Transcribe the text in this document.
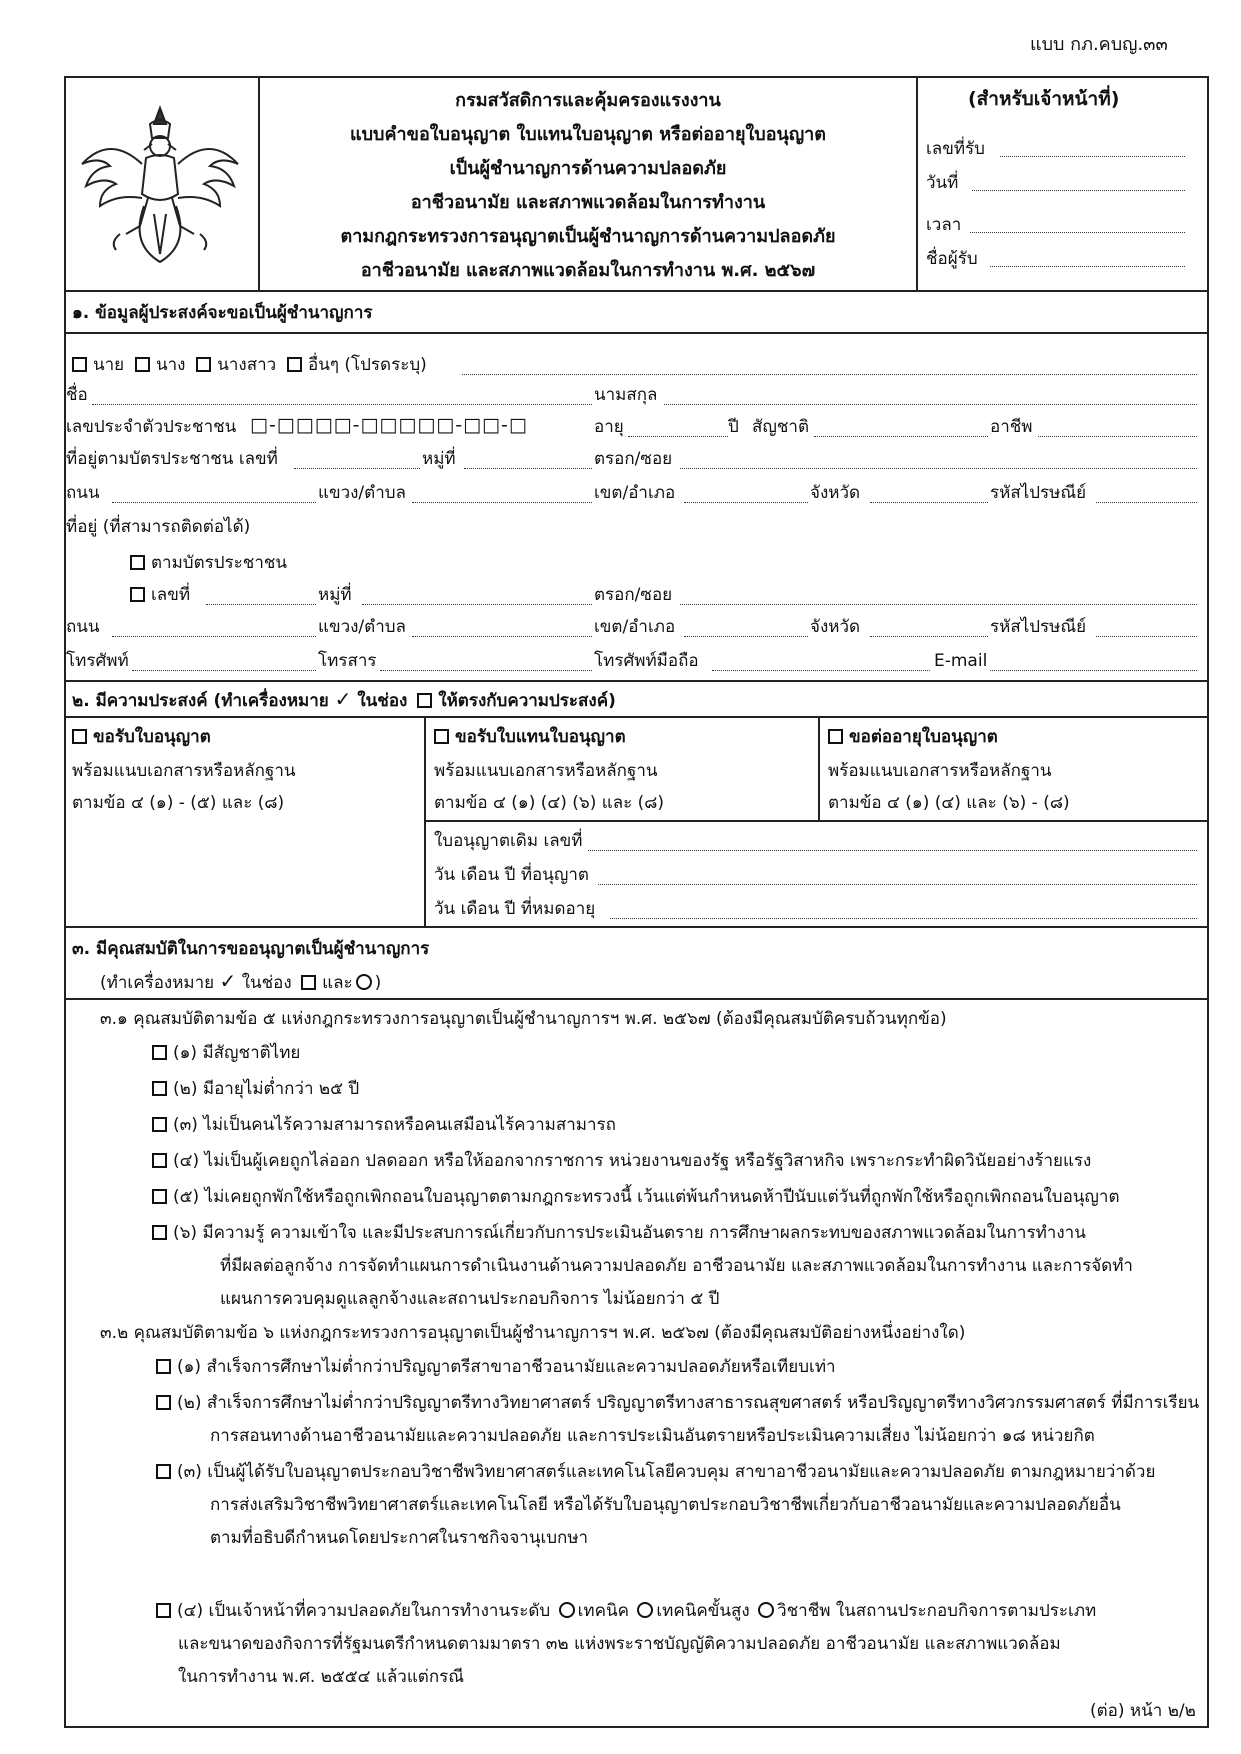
แบบ กภ.คบญ.๓๓
กรมสวัสดิการและคุ้มครองแรงงาน
แบบคำขอใบอนุญาต ใบแทนใบอนุญาต หรือต่ออายุใบอนุญาต
เป็นผู้ชำนาญการด้านความปลอดภัย
อาชีวอนามัย และสภาพแวดล้อมในการทำงาน
ตามกฎกระทรวงการอนุญาตเป็นผู้ชำนาญการด้านความปลอดภัย
อาชีวอนามัย และสภาพแวดล้อมในการทำงาน พ.ศ. ๒๕๖๗
(สำหรับเจ้าหน้าที่)
เลขที่รับ
วันที่
เวลา
ชื่อผู้รับ
๑. ข้อมูลผู้ประสงค์จะขอเป็นผู้ชำนาญการ
นาย นาง นางสาว อื่นๆ (โปรดระบุ)
ชื่อ	นามสกุล
เลขประจำตัวประชาชน □-□□□□-□□□□□-□□-□	อายุ	ปี สัญชาติ	อาชีพ
ที่อยู่ตามบัตรประชาชน เลขที่	หมู่ที่	ตรอก/ซอย
ถนน	แขวง/ตำบล	เขต/อำเภอ	จังหวัด	รหัสไปรษณีย์
ที่อยู่ (ที่สามารถติดต่อได้)
ตามบัตรประชาชน
เลขที่	หมู่ที่	ตรอก/ซอย
ถนน	แขวง/ตำบล	เขต/อำเภอ	จังหวัด	รหัสไปรษณีย์
โทรศัพท์	โทรสาร	โทรศัพท์มือถือ	E-mail
๒. มีความประสงค์ (ทำเครื่องหมาย ✓ ในช่อง ให้ตรงกับความประสงค์)
ขอรับใบอนุญาต
พร้อมแนบเอกสารหรือหลักฐาน
ตามข้อ ๔ (๑) - (๕) และ (๘)
ขอรับใบแทนใบอนุญาต
พร้อมแนบเอกสารหรือหลักฐาน
ตามข้อ ๔ (๑) (๔) (๖) และ (๘)
ขอต่ออายุใบอนุญาต
พร้อมแนบเอกสารหรือหลักฐาน
ตามข้อ ๔ (๑) (๔) และ (๖) - (๘)
ใบอนุญาตเดิม เลขที่
วัน เดือน ปี ที่อนุญาต
วัน เดือน ปี ที่หมดอายุ
๓. มีคุณสมบัติในการขออนุญาตเป็นผู้ชำนาญการ
(ทำเครื่องหมาย ✓ ในช่อง และ )
๓.๑ คุณสมบัติตามข้อ ๕ แห่งกฎกระทรวงการอนุญาตเป็นผู้ชำนาญการฯ พ.ศ. ๒๕๖๗ (ต้องมีคุณสมบัติครบถ้วนทุกข้อ)
(๑) มีสัญชาติไทย
(๒) มีอายุไม่ต่ำกว่า ๒๕ ปี
(๓) ไม่เป็นคนไร้ความสามารถหรือคนเสมือนไร้ความสามารถ
(๔) ไม่เป็นผู้เคยถูกไล่ออก ปลดออก หรือให้ออกจากราชการ หน่วยงานของรัฐ หรือรัฐวิสาหกิจ เพราะกระทำผิดวินัยอย่างร้ายแรง
(๕) ไม่เคยถูกพักใช้หรือถูกเพิกถอนใบอนุญาตตามกฎกระทรวงนี้ เว้นแต่พ้นกำหนดห้าปีนับแต่วันที่ถูกพักใช้หรือถูกเพิกถอนใบอนุญาต
(๖) มีความรู้ ความเข้าใจ และมีประสบการณ์เกี่ยวกับการประเมินอันตราย การศึกษาผลกระทบของสภาพแวดล้อมในการทำงาน
ที่มีผลต่อลูกจ้าง การจัดทำแผนการดำเนินงานด้านความปลอดภัย อาชีวอนามัย และสภาพแวดล้อมในการทำงาน และการจัดทำ
แผนการควบคุมดูแลลูกจ้างและสถานประกอบกิจการ ไม่น้อยกว่า ๕ ปี
๓.๒ คุณสมบัติตามข้อ ๖ แห่งกฎกระทรวงการอนุญาตเป็นผู้ชำนาญการฯ พ.ศ. ๒๕๖๗ (ต้องมีคุณสมบัติอย่างหนึ่งอย่างใด)
(๑) สำเร็จการศึกษาไม่ต่ำกว่าปริญญาตรีสาขาอาชีวอนามัยและความปลอดภัยหรือเทียบเท่า
(๒) สำเร็จการศึกษาไม่ต่ำกว่าปริญญาตรีทางวิทยาศาสตร์ ปริญญาตรีทางสาธารณสุขศาสตร์ หรือปริญญาตรีทางวิศวกรรมศาสตร์ ที่มีการเรียน
การสอนทางด้านอาชีวอนามัยและความปลอดภัย และการประเมินอันตรายหรือประเมินความเสี่ยง ไม่น้อยกว่า ๑๘ หน่วยกิต
(๓) เป็นผู้ได้รับใบอนุญาตประกอบวิชาชีพวิทยาศาสตร์และเทคโนโลยีควบคุม สาขาอาชีวอนามัยและความปลอดภัย ตามกฎหมายว่าด้วย
การส่งเสริมวิชาชีพวิทยาศาสตร์และเทคโนโลยี หรือได้รับใบอนุญาตประกอบวิชาชีพเกี่ยวกับอาชีวอนามัยและความปลอดภัยอื่น
ตามที่อธิบดีกำหนดโดยประกาศในราชกิจจานุเบกษา
(๔) เป็นเจ้าหน้าที่ความปลอดภัยในการทำงานระดับ เทคนิค เทคนิคขั้นสูง วิชาชีพ ในสถานประกอบกิจการตามประเภท
และขนาดของกิจการที่รัฐมนตรีกำหนดตามมาตรา ๓๒ แห่งพระราชบัญญัติความปลอดภัย อาชีวอนามัย และสภาพแวดล้อม
ในการทำงาน พ.ศ. ๒๕๕๔ แล้วแต่กรณี
(ต่อ) หน้า ๒/๒
